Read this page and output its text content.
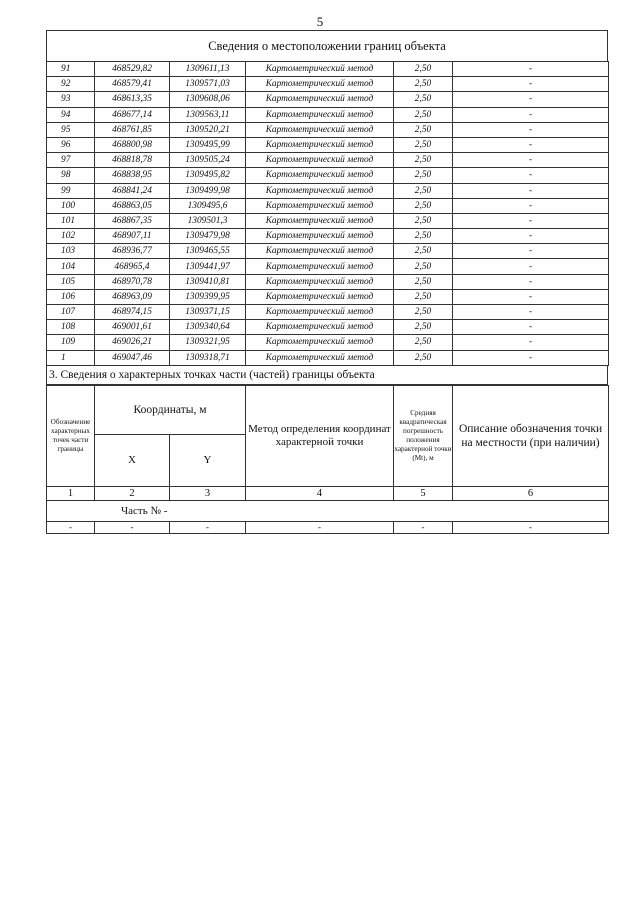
5
Сведения о местоположении границ объекта
91	468529,82	1309611,13	Картометрический метод	2,50	-
92	468579,41	1309571,03	Картометрический метод	2,50	-
93	468613,35	1309608,06	Картометрический метод	2,50	-
94	468677,14	1309563,11	Картометрический метод	2,50	-
95	468761,85	1309520,21	Картометрический метод	2,50	-
96	468800,98	1309495,99	Картометрический метод	2,50	-
97	468818,78	1309505,24	Картометрический метод	2,50	-
98	468838,95	1309495,82	Картометрический метод	2,50	-
99	468841,24	1309499,98	Картометрический метод	2,50	-
100	468863,05	1309495,6	Картометрический метод	2,50	-
101	468867,35	1309501,3	Картометрический метод	2,50	-
102	468907,11	1309479,98	Картометрический метод	2,50	-
103	468936,77	1309465,55	Картометрический метод	2,50	-
104	468965,4	1309441,97	Картометрический метод	2,50	-
105	468970,78	1309410,81	Картометрический метод	2,50	-
106	468963,09	1309399,95	Картометрический метод	2,50	-
107	468974,15	1309371,15	Картометрический метод	2,50	-
108	469001,61	1309340,64	Картометрический метод	2,50	-
109	469026,21	1309321,95	Картометрический метод	2,50	-
1	469047,46	1309318,71	Картометрический метод	2,50	-
3. Сведения о характерных точках части (частей) границы объекта
Обозначение характерных точек части границы	Координаты, м		Метод определения координат характерной точки	Средняя квадратическая погрешность положения характерной точки (Mt), м	Описание обозначения точки на местности (при наличии)
	X	Y			
1	2	3	4	5	6
Часть № -					
-	-	-	-	-	-
